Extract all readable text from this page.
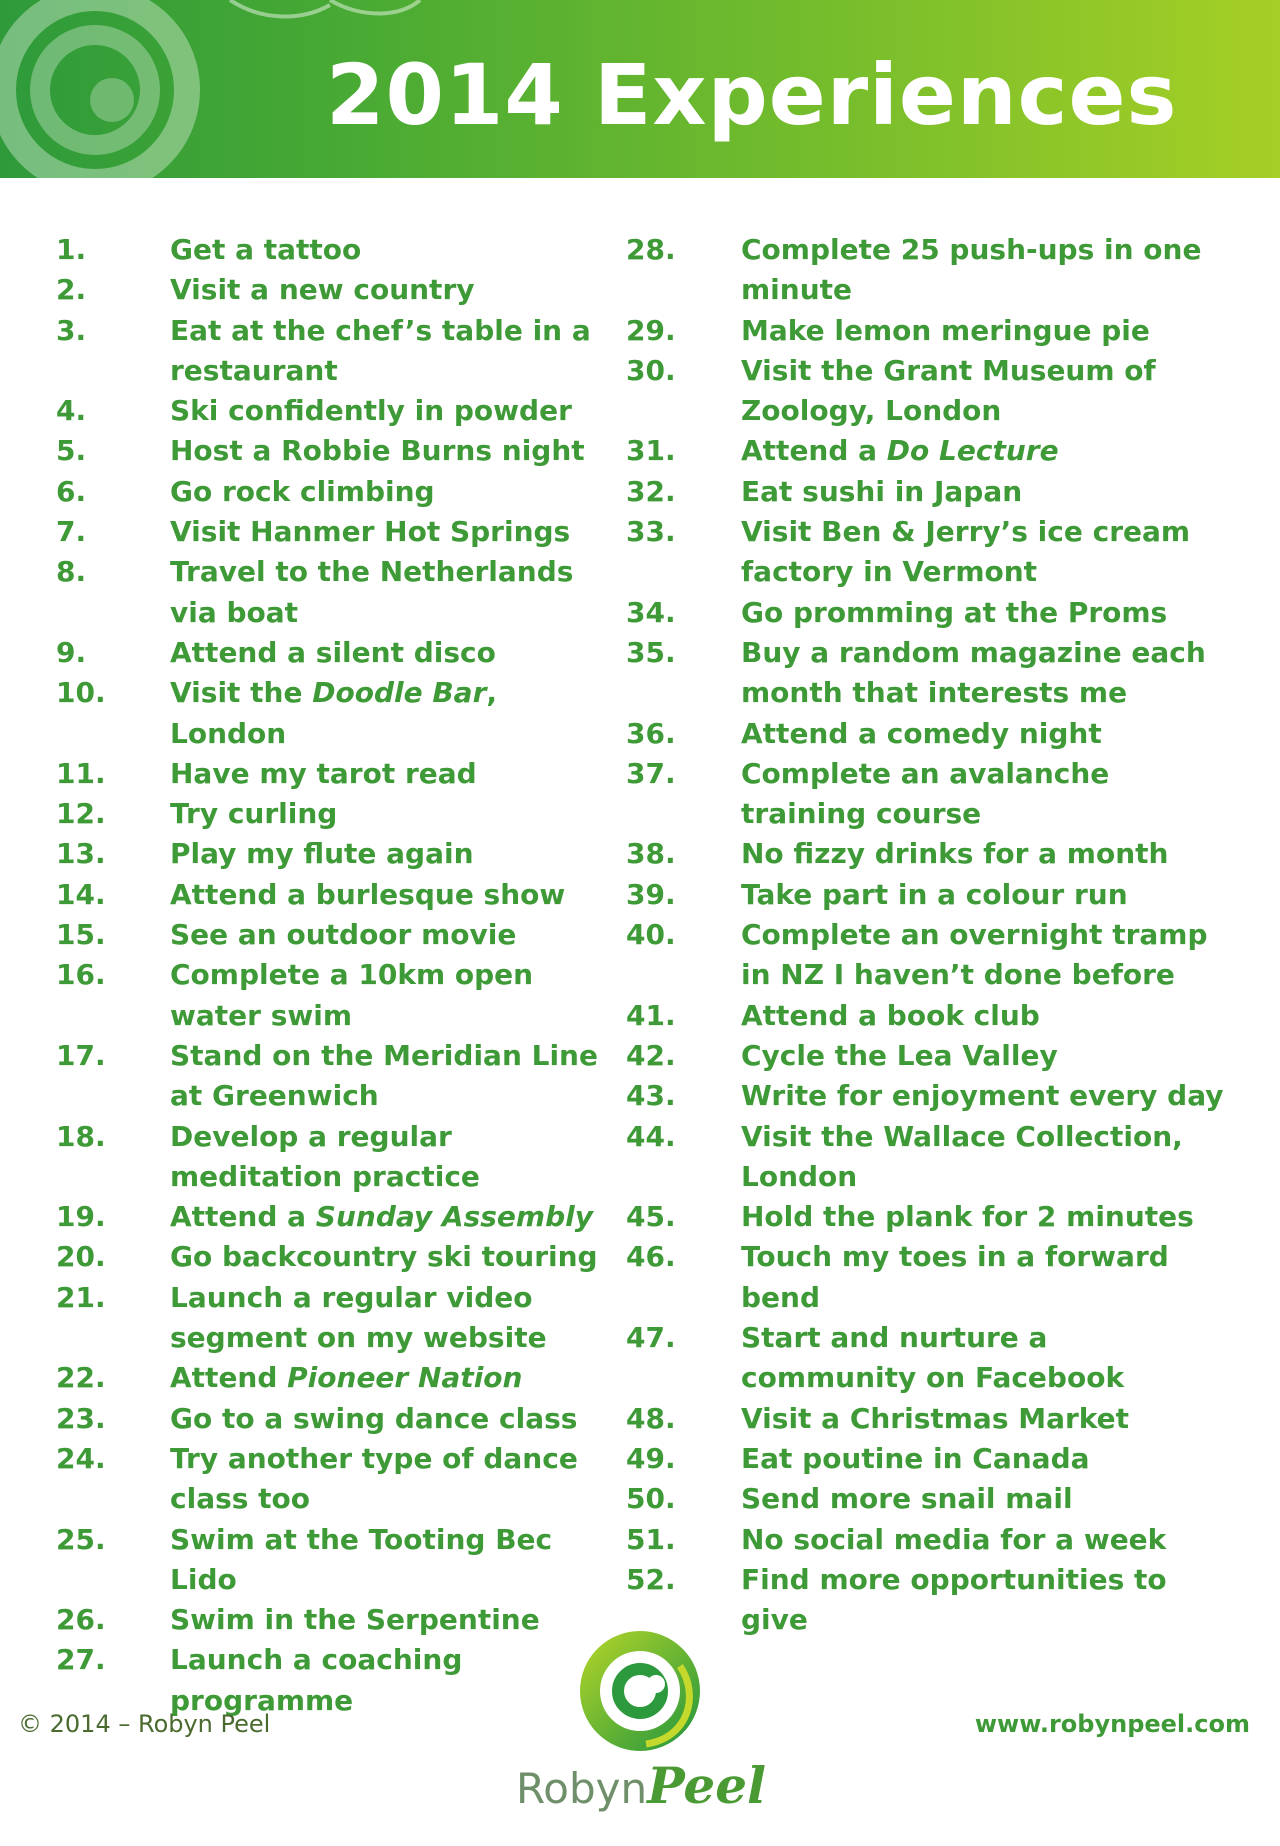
2014 Experiences
1.	Get a tattoo
2.	Visit a new country
3.	Eat at the chef’s table in a restaurant
4.	Ski confidently in powder
5.	Host a Robbie Burns night
6.	Go rock climbing
7.	Visit Hanmer Hot Springs
8.	Travel to the Netherlands via boat
9.	Attend a silent disco
10.	Visit the Doodle Bar, London
11.	Have my tarot read
12.	Try curling
13.	Play my flute again
14.	Attend a burlesque show
15.	See an outdoor movie
16.	Complete a 10km open water swim
17.	Stand on the Meridian Line at Greenwich
18.	Develop a regular meditation practice
19.	Attend a Sunday Assembly
20.	Go backcountry ski touring
21.	Launch a regular video segment on my website
22.	Attend Pioneer Nation
23.	Go to a swing dance class
24.	Try another type of dance class too
25.	Swim at the Tooting Bec Lido
26.	Swim in the Serpentine
27.	Launch a coaching programme
28.	Complete 25 push-ups in one minute
29.	Make lemon meringue pie
30.	Visit the Grant Museum of Zoology, London
31.	Attend a Do Lecture
32.	Eat sushi in Japan
33.	Visit Ben & Jerry’s ice cream factory in Vermont
34.	Go promming at the Proms
35.	Buy a random magazine each month that interests me
36.	Attend a comedy night
37.	Complete an avalanche training course
38.	No fizzy drinks for a month
39.	Take part in a colour run
40.	Complete an overnight tramp in NZ I haven’t done before
41.	Attend a book club
42.	Cycle the Lea Valley
43.	Write for enjoyment every day
44.	Visit the Wallace Collection, London
45.	Hold the plank for 2 minutes
46.	Touch my toes in a forward bend
47.	Start and nurture a community on Facebook
48.	Visit a Christmas Market
49.	Eat poutine in Canada
50.	Send more snail mail
51.	No social media for a week
52.	Find more opportunities to give
© 2014 – Robyn Peel
RobynPeel
www.robynpeel.com
